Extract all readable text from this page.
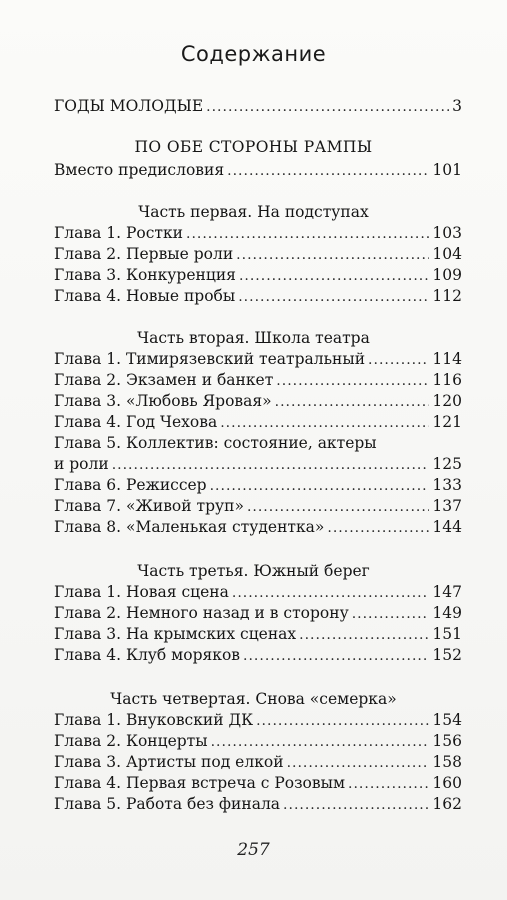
Содержание
ГОДЫ МОЛОДЫЕ .....	3
ПО ОБЕ СТОРОНЫ РАМПЫ
Вместо предисловия .....	101
Часть первая. На подступах
Глава 1. Ростки .....	103
Глава 2. Первые роли .....	104
Глава 3. Конкуренция .....	109
Глава 4. Новые пробы .....	112
Часть вторая. Школа театра
Глава 1. Тимирязевский театральный .....	114
Глава 2. Экзамен и банкет .....	116
Глава 3. «Любовь Яровая» .....	120
Глава 4. Год Чехова .....	121
Глава 5. Коллектив: состояние, актеры
и роли .....	125
Глава 6. Режиссер .....	133
Глава 7. «Живой труп» .....	137
Глава 8. «Маленькая студентка» .....	144
Часть третья. Южный берег
Глава 1. Новая сцена .....	147
Глава 2. Немного назад и в сторону .....	149
Глава 3. На крымских сценах .....	151
Глава 4. Клуб моряков .....	152
Часть четвертая. Снова «семерка»
Глава 1. Внуковский ДК .....	154
Глава 2. Концерты .....	156
Глава 3. Артисты под елкой .....	158
Глава 4. Первая встреча с Розовым .....	160
Глава 5. Работа без финала .....	162
257
